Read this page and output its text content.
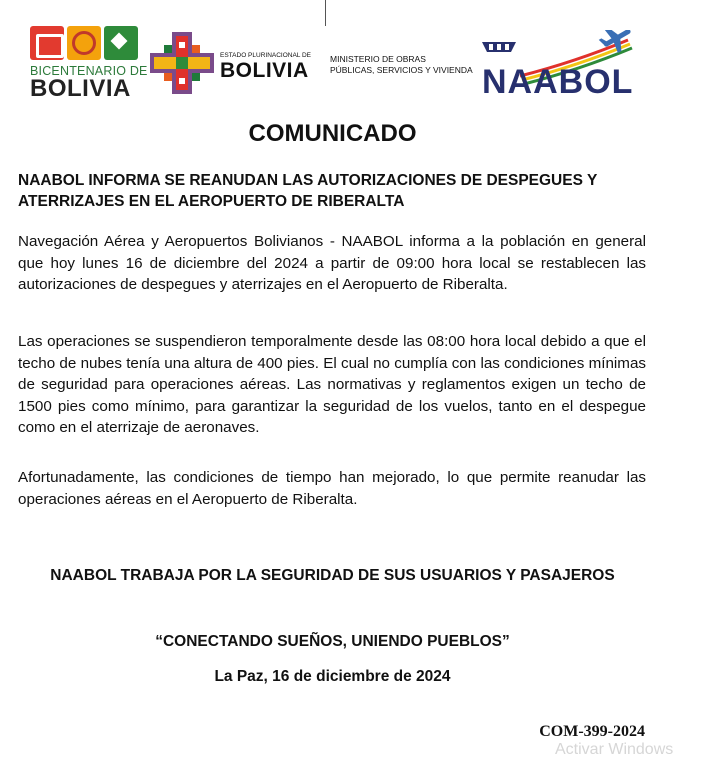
BICENTENARIO DE
BOLIVIA
ESTADO PLURINACIONAL DE
BOLIVIA	MINISTERIO DE OBRAS
PÚBLICAS, SERVICIOS Y VIVIENDA NAABOL
COMUNICADO
NAABOL INFORMA SE REANUDAN LAS AUTORIZACIONES DE DESPEGUES Y ATERRIZAJES EN EL AEROPUERTO DE RIBERALTA

Navegación Aérea y Aeropuertos Bolivianos - NAABOL informa a la población en general que hoy lunes 16 de diciembre del 2024 a partir de 09:00 hora local se restablecen las autorizaciones de despegues y aterrizajes en el Aeropuerto de Riberalta.

Las operaciones se suspendieron temporalmente desde las 08:00 hora local debido a que el techo de nubes tenía una altura de 400 pies. El cual no cumplía con las condiciones mínimas de seguridad para operaciones aéreas. Las normativas y reglamentos exigen un techo de 1500 pies como mínimo, para garantizar la seguridad de los vuelos, tanto en el despegue como en el aterrizaje de aeronaves.

Afortunadamente, las condiciones de tiempo han mejorado, lo que permite reanudar las operaciones aéreas en el Aeropuerto de Riberalta.

NAABOL TRABAJA POR LA SEGURIDAD DE SUS USUARIOS Y PASAJEROS
“CONECTANDO SUEÑOS, UNIENDO PUEBLOS”
La Paz, 16 de diciembre de 2024
COM-399-2024
Activar Windows
